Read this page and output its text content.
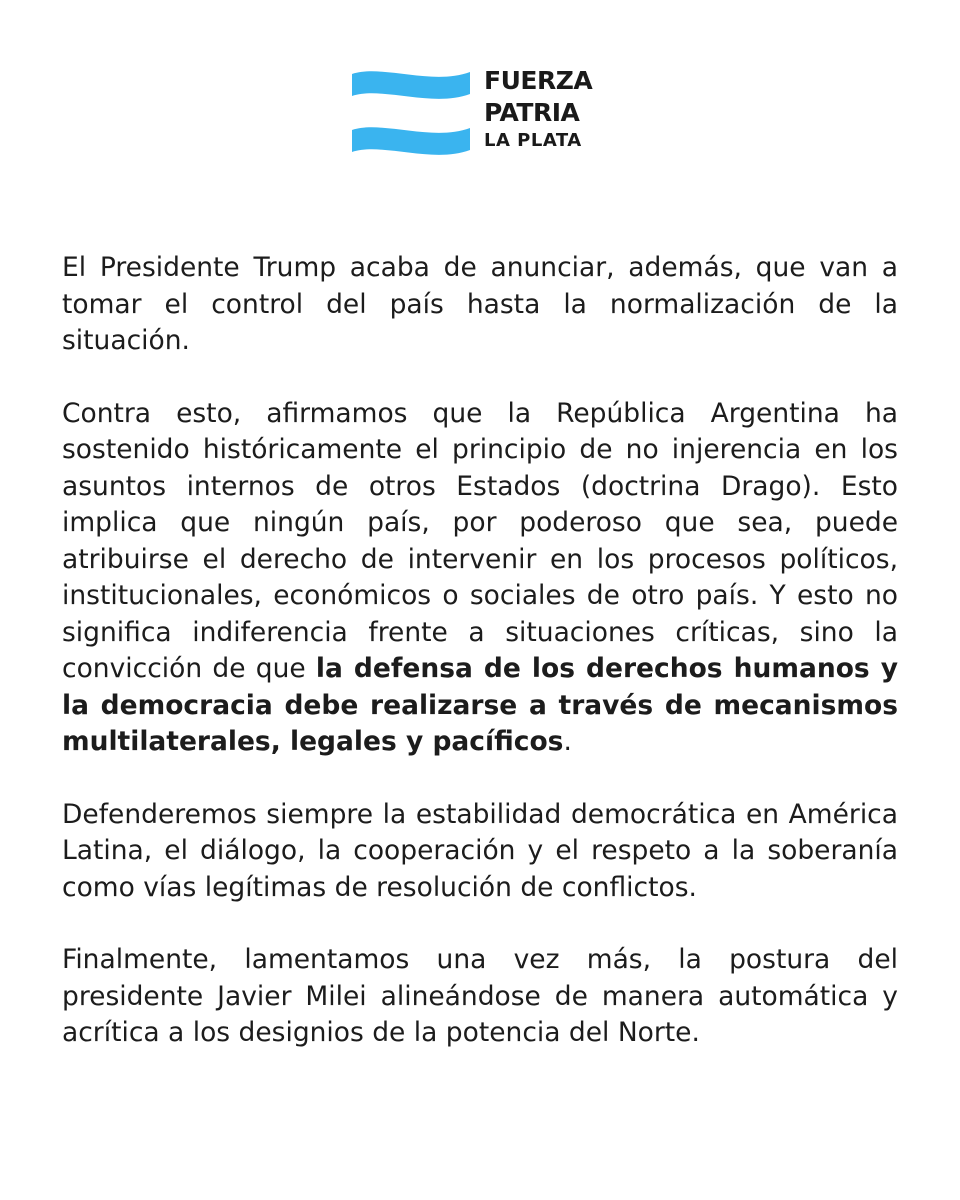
FUERZA
PATRIA
LA PLATA

El Presidente Trump acaba de anunciar, además, que van a tomar el control del país hasta la normalización de la situación.

Contra esto, afirmamos que la República Argentina ha sostenido históricamente el principio de no injerencia en los asuntos internos de otros Estados (doctrina Drago). Esto implica que ningún país, por poderoso que sea, puede atribuirse el derecho de intervenir en los procesos políticos, institucionales, económicos o sociales de otro país. Y esto no significa indiferencia frente a situaciones críticas, sino la convicción de que la defensa de los derechos humanos y la democracia debe realizarse a través de mecanismos multilaterales, legales y pacíficos.

Defenderemos siempre la estabilidad democrática en América Latina, el diálogo, la cooperación y el respeto a la soberanía como vías legítimas de resolución de conflictos.

Finalmente, lamentamos una vez más, la postura del presidente Javier Milei alineándose de manera automática y acrítica a los designios de la potencia del Norte.
